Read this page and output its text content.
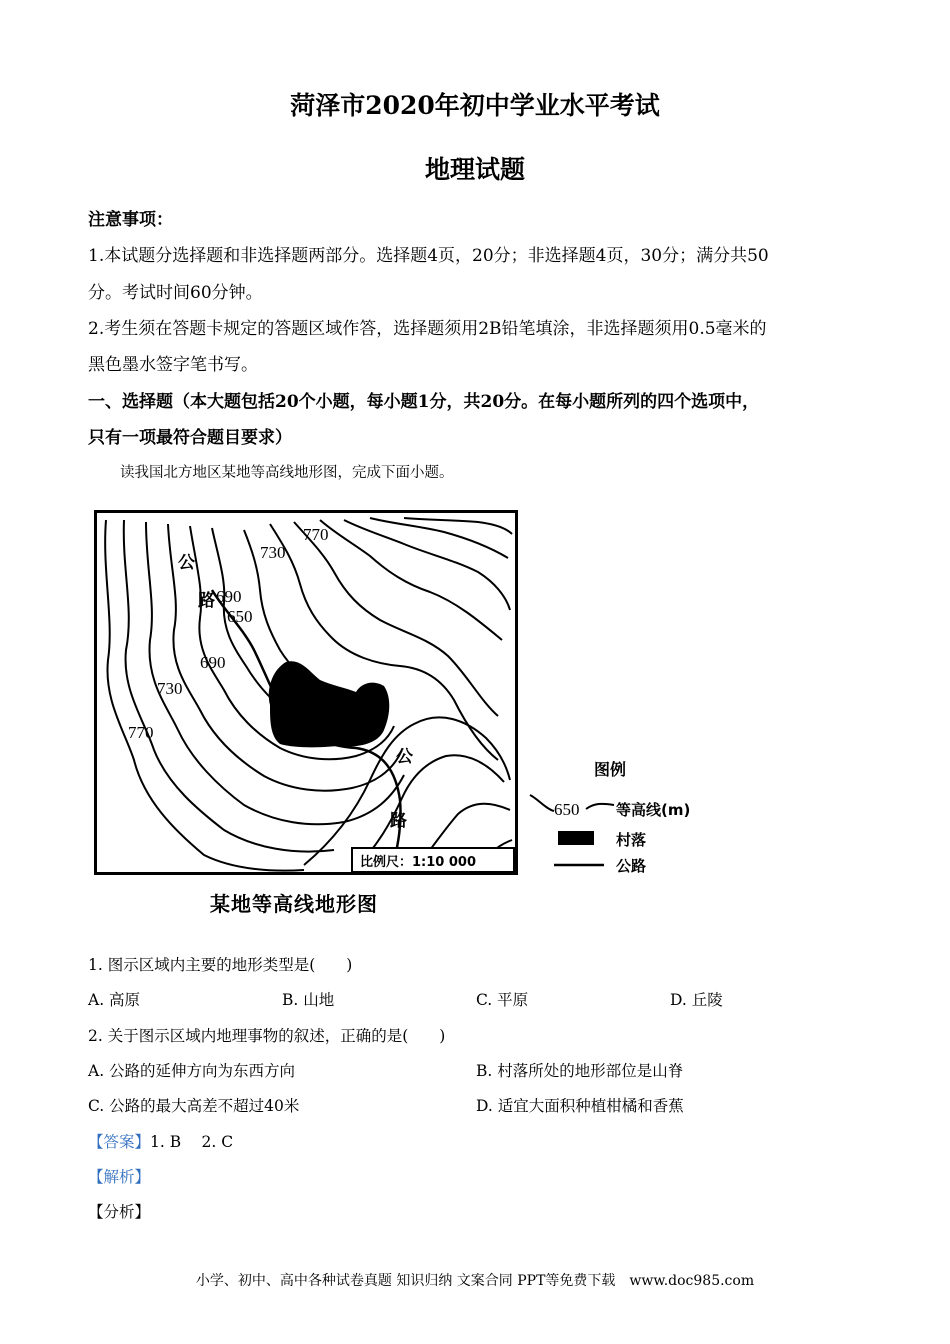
菏泽市2020年初中学业水平考试
地理试题
注意事项：
1.本试题分选择题和非选择题两部分。选择题4页，20分；非选择题4页，30分；满分共50
分。考试时间60分钟。
2.考生须在答题卡规定的答题区域作答，选择题须用2B铅笔填涂，非选择题须用0.5毫米的
黑色墨水签字笔书写。
一、选择题（本大题包括20个小题，每小题1分，共20分。在每小题所列的四个选项中，
只有一项最符合题目要求）
读我国北方地区某地等高线地形图，完成下面小题。
770
730
690
650
690
730
770
公
路
公
路
比例尺：1:10 000
图例
650 等高线(m)
村落
公路
某地等高线地形图
1. 图示区域内主要的地形类型是(　　)
A. 高原	B. 山地	C. 平原	D. 丘陵
2. 关于图示区域内地理事物的叙述，正确的是(　　)
A. 公路的延伸方向为东西方向	B. 村落所处的地形部位是山脊
C. 公路的最大高差不超过40米	D. 适宜大面积种植柑橘和香蕉
【答案】1. B　 2. C
【解析】
【分析】
小学、初中、高中各种试卷真题 知识归纳 文案合同 PPT等免费下载　www.doc985.com
